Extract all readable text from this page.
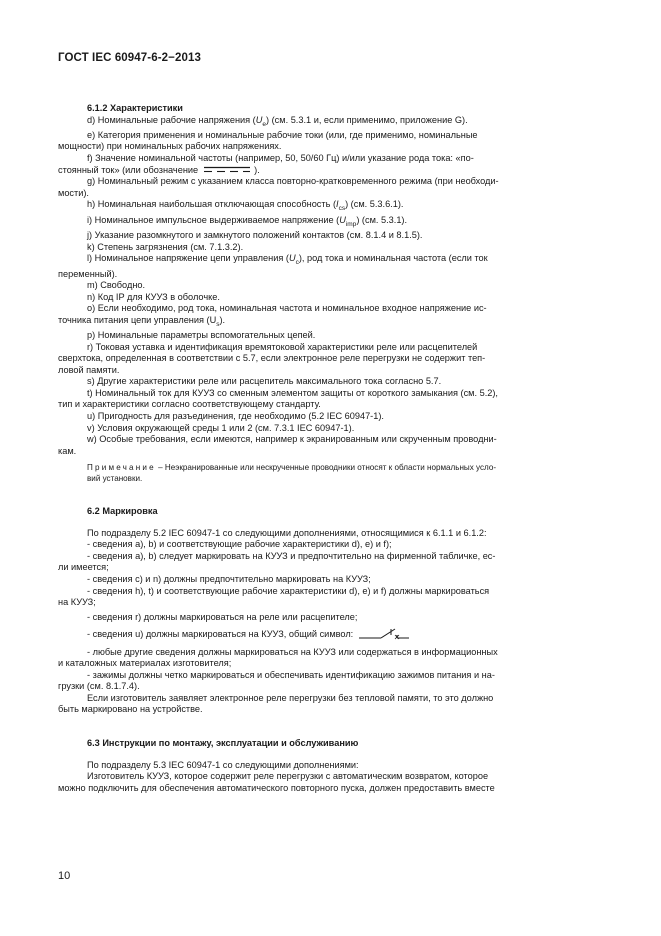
ГОСТ IEC 60947-6-2−2013

6.1.2 Характеристики

d) Номинальные рабочие напряжения $(U_e)$ (см. 5.3.1 и, если применимо, приложение G).

e) Категория применения и номинальные рабочие токи (или, где применимо, номинальные

мощности) при номинальных рабочих напряжениях.

f) Значение номинальной частоты (например, 50, 50/60 Гц) и/или указание рода тока: «по-

стоянный ток» (или обозначение	).

g) Номинальный режим с указанием класса повторно-кратковременного режима (при необходи-

мости).

h) Номинальная наибольшая отключающая способность $(I_{cs})$ (см. 5.3.6.1).

i) Номинальное импульсное выдерживаемое напряжение $(U_{imp})$ (см. 5.3.1).

j) Указание разомкнутого и замкнутого положений контактов (см. 8.1.4 и 8.1.5).

k) Степень загрязнения (см. 7.1.3.2).

l) Номинальное напряжение цепи управления $(U_c)$, род тока и номинальная частота (если ток

переменный).

m) Свободно.

n) Код IP для КУУЗ в оболочке.

o) Если необходимо, род тока, номинальная частота и номинальное входное напряжение ис-

точника питания цепи управления $(U_s)$.

p) Номинальные параметры вспомогательных цепей.

r) Токовая уставка и идентификация времятоковой характеристики реле или расцепителей

сверхтока, определенная в соответствии с 5.7, если электронное реле перегрузки не содержит теп-

ловой памяти.

s) Другие характеристики реле или расцепитель максимального тока согласно 5.7.

t) Номинальный ток для КУУЗ со сменным элементом защиты от короткого замыкания (см. 5.2),

тип и характеристики согласно соответствующему стандарту.

u) Пригодность для разъединения, где необходимо (5.2 IEC 60947-1).

v) Условия окружающей среды 1 или 2 (см. 7.3.1 IEC 60947-1).

w) Особые требования, если имеются, например к экранированным или скрученным проводни-

кам.

Примечание – Неэкранированные или нескрученные проводники относят к области нормальных усло-

вий установки.

6.2 Маркировка

По подразделу 5.2 IEC 60947-1 со следующими дополнениями, относящимися к 6.1.1 и 6.1.2:

- сведения a), b) и соответствующие рабочие характеристики d), e) и f);

- сведения a), b) следует маркировать на КУУЗ и предпочтительно на фирменной табличке, ес-

ли имеется;

- сведения c) и n) должны предпочтительно маркировать на КУУЗ;

- сведения h), t) и соответствующие рабочие характеристики d), e) и f) должны маркироваться

на КУУЗ;

- сведения r) должны маркироваться на реле или расцепителе;

- сведения u) должны маркироваться на КУУЗ, общий символ:

- любые другие сведения должны маркироваться на КУУЗ или содержаться в информационных

и каталожных материалах изготовителя;

- зажимы должны четко маркироваться и обеспечивать идентификацию зажимов питания и на-

грузки (см. 8.1.7.4).

Если изготовитель заявляет электронное реле перегрузки без тепловой памяти, то это должно

быть маркировано на устройстве.

6.3 Инструкции по монтажу, эксплуатации и обслуживанию

По подразделу 5.3 IEC 60947-1 со следующими дополнениями:

Изготовитель КУУЗ, которое содержит реле перегрузки с автоматическим возвратом, которое

можно подключить для обеспечения автоматического повторного пуска, должен предоставить вместе

10
